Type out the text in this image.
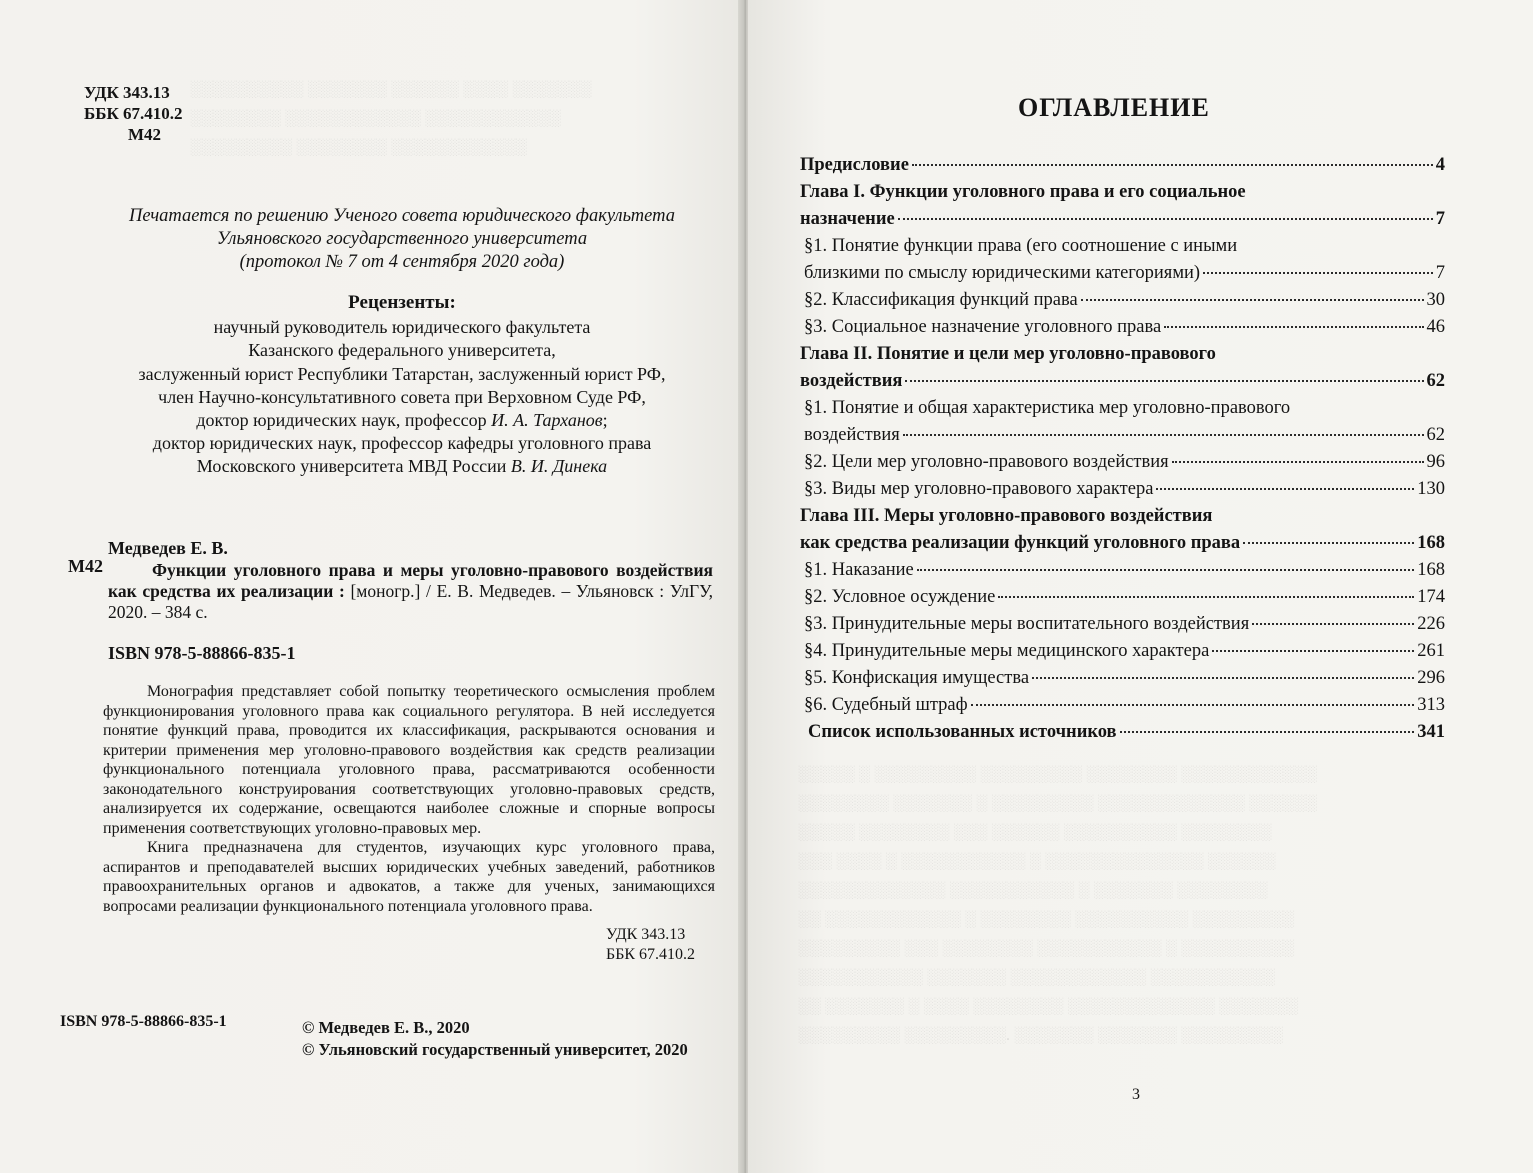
░░░░░░░░░░ ░░░░░░░ ░░░░░░ ░░░░ ░░░░░░░
░░░░░░░░ ░░░░░░░░░░░░ ░░░░░░░░░░░░
░░░░░░░░░ ░░░░░░░░ ░░░░░░░░░░░░
УДК 343.13
ББК 67.410.2
М42
Печатается по решению Ученого совета юридического факультета
Ульяновского государственного университета
(протокол № 7 от 4 сентября 2020 года)
Рецензенты:
научный руководитель юридического факультета
Казанского федерального университета,
заслуженный юрист Республики Татарстан, заслуженный юрист РФ,
член Научно-консультативного совета при Верховном Суде РФ,
доктор юридических наук, профессор И. А. Тарханов;
доктор юридических наук, профессор кафедры уголовного права
Московского университета МВД России В. И. Динека
Медведев Е. В.
М42	Функции уголовного права и меры уголовно-правового воздействия как средства их реализации : [моногр.] / Е. В. Медведев. – Ульяновск : УлГУ, 2020. – 384 с.
ISBN 978-5-88866-835-1

Монография представляет собой попытку теоретического осмысления проблем функционирования уголовного права как социального регулятора. В ней исследуется понятие функций права, проводится их классификация, раскрываются основания и критерии применения мер уголовно-правового воздействия как средств реализации функционального потенциала уголовного права, рассматриваются особенности законодательного конструирования соответствующих уголовно-правовых средств, анализируется их содержание, освещаются наиболее сложные и спорные вопросы применения соответствующих уголовно-правовых мер.

Книга предназначена для студентов, изучающих курс уголовного права, аспирантов и преподавателей высших юридических учебных заведений, работников правоохранительных органов и адвокатов, а также для ученых, занимающихся вопросами реализации функционального потенциала уголовного права.

УДК 343.13
ББК 67.410.2
ISBN 978-5-88866-835-1	© Медведев Е. В., 2020
© Ульяновский государственный университет, 2020
░░░░░ ░ ░░░░░░░░░ ░░░░░░░░░ ░░░░░░░░ ░░░░░░░░░░░░
░░░░░░░░ ░░░░░░░ ░ ░░░░░░░░░ ░░░░░░░░░░░░░ ░░░░░░
░░░░░ ░░░░░░░░ ░░░ ░░░░░░ ░░░░░░░░░░ ░░░░░░░░
░░░ ░░░░ ░ ░░░░░░░░░░░ ░ ░░░░░░░░░░░░░░ ░░░░░░
░░░░░░░░░░░░░ ░░░░░░░░░░░ ░ ░░░░░░░ ░░░░░░░░
░░ ░░░░░░░░░░░░ ░ ░░░░░░░░ ░░░░░░░░░░ ░░░░░░░░░
░░░░░░░░░ ░░░ ░░░░░░░░ ░░░░░░░░░░░ ░ ░░░░░░░░░░
░░░░░░░░░░░ ░░░░░░░ ░░░░░░░░░░░░ ░░░░░░░░░░░
░░ ░░░░░░░ ░ ░░░░ ░░░░░░░░ ░░░░░░░░░░░░░ ░░░░░░░
░░░░░░░░░ ░░░░░░░░░. ░░░░░░░ ░░░░░░░ ░░░░░░░░░
ОГЛАВЛЕНИЕ
Предисловие	4
Глава I. Функции уголовного права и его социальное
назначение	7
§1. Понятие функции права (его соотношение с иными
близкими по смыслу юридическими категориями)	7
§2. Классификация функций права	30
§3. Социальное назначение уголовного права	46
Глава II. Понятие и цели мер уголовно-правового
воздействия	62
§1. Понятие и общая характеристика мер уголовно-правового
воздействия	62
§2. Цели мер уголовно-правового воздействия	96
§3. Виды мер уголовно-правового характера	130
Глава III. Меры уголовно-правового воздействия
как средства реализации функций уголовного права	168
§1. Наказание	168
§2. Условное осуждение	174
§3. Принудительные меры воспитательного воздействия	226
§4. Принудительные меры медицинского характера	261
§5. Конфискация имущества	296
§6. Судебный штраф	313
Список использованных источников	341
3
